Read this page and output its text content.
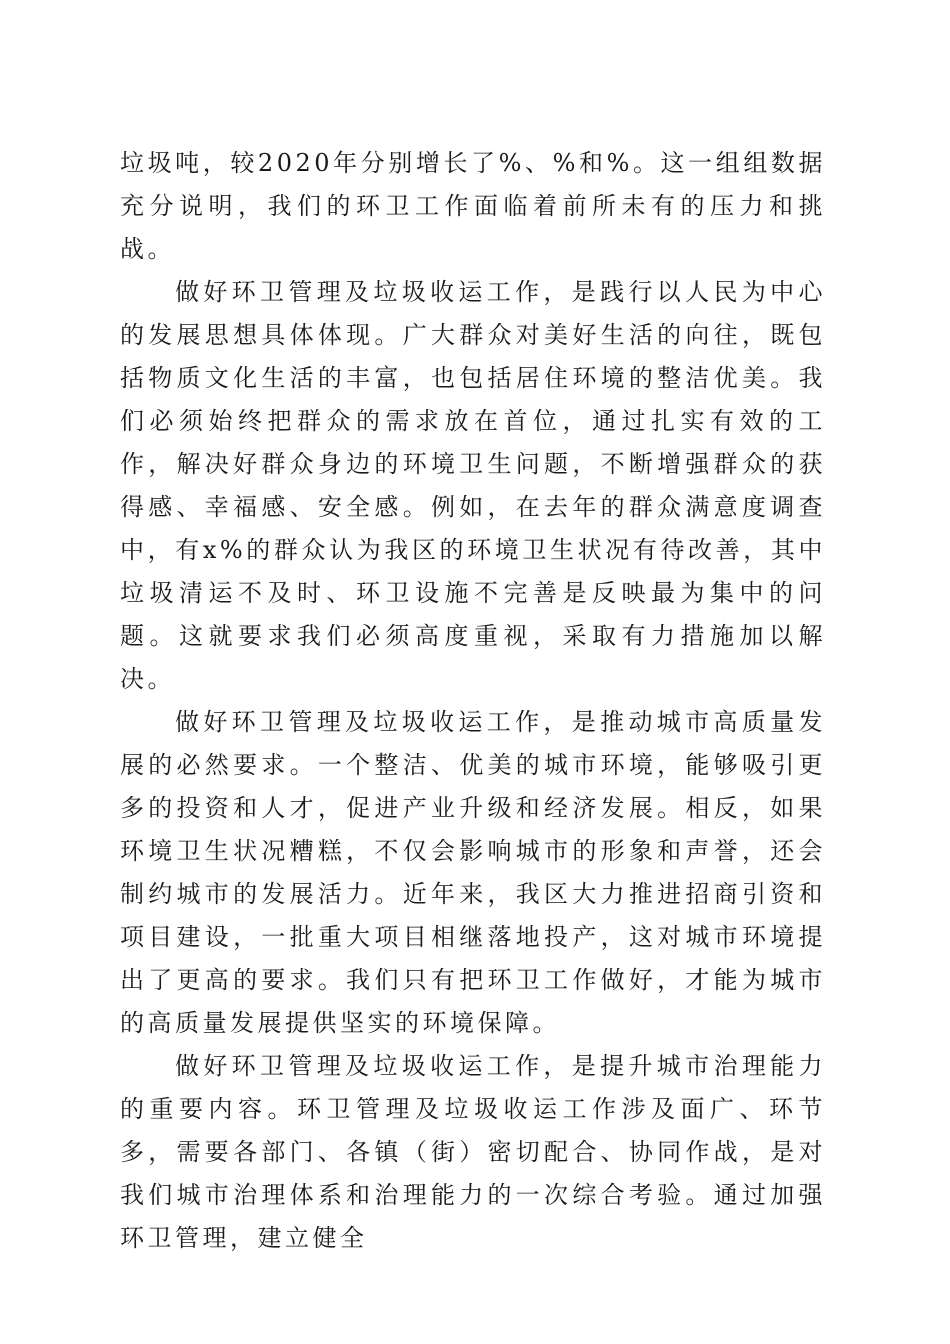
垃圾吨，较2020年分别增长了%、%和%。这一组组数据充分说明，我们的环卫工作面临着前所未有的压力和挑战。

做好环卫管理及垃圾收运工作，是践行以人民为中心的发展思想具体体现。广大群众对美好生活的向往，既包括物质文化生活的丰富，也包括居住环境的整洁优美。我们必须始终把群众的需求放在首位，通过扎实有效的工作，解决好群众身边的环境卫生问题，不断增强群众的获得感、幸福感、安全感。例如，在去年的群众满意度调查中，有x%的群众认为我区的环境卫生状况有待改善，其中垃圾清运不及时、环卫设施不完善是反映最为集中的问题。这就要求我们必须高度重视，采取有力措施加以解决。

做好环卫管理及垃圾收运工作，是推动城市高质量发展的必然要求。一个整洁、优美的城市环境，能够吸引更多的投资和人才，促进产业升级和经济发展。相反，如果环境卫生状况糟糕，不仅会影响城市的形象和声誉，还会制约城市的发展活力。近年来，我区大力推进招商引资和项目建设，一批重大项目相继落地投产，这对城市环境提出了更高的要求。我们只有把环卫工作做好，才能为城市的高质量发展提供坚实的环境保障。

做好环卫管理及垃圾收运工作，是提升城市治理能力的重要内容。环卫管理及垃圾收运工作涉及面广、环节多，需要各部门、各镇（街）密切配合、协同作战，是对我们城市治理体系和治理能力的一次综合考验。通过加强环卫管理，建立健全
